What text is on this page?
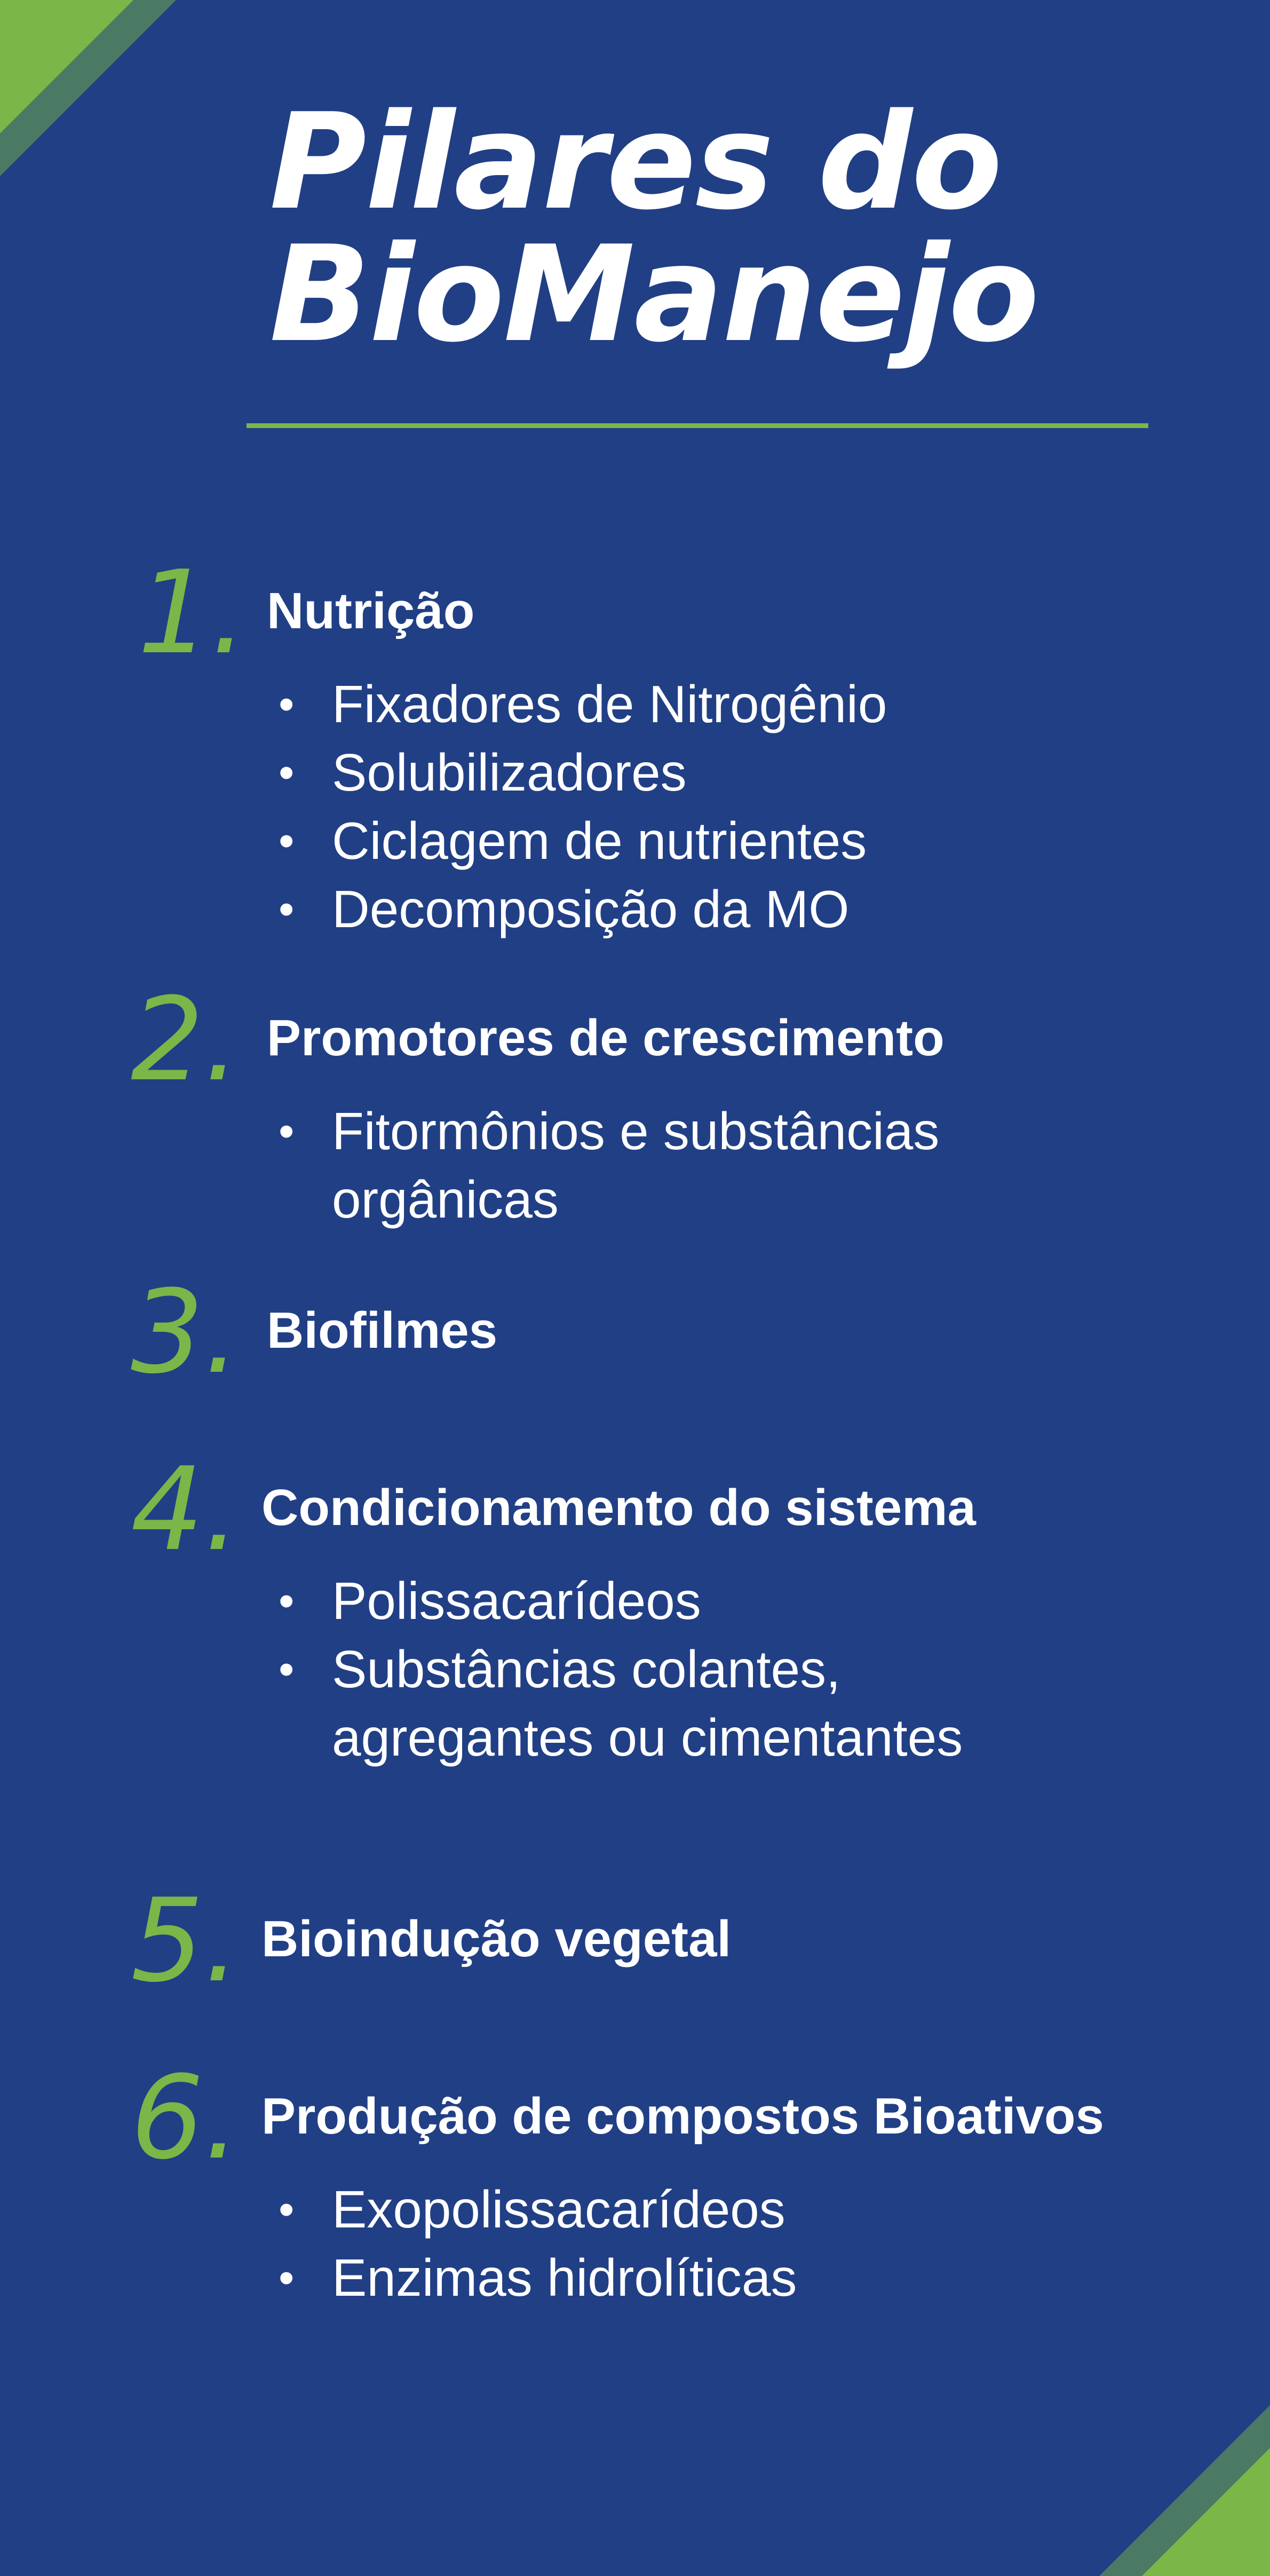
Pilares do
BioManejo
1. Nutrição
• Fixadores de Nitrogênio
• Solubilizadores
• Ciclagem de nutrientes
• Decomposição da MO
2. Promotores de crescimento
• Fitormônios e substâncias
orgânicas
3. Biofilmes
4. Condicionamento do sistema
• Polissacarídeos
• Substâncias colantes,
agregantes ou cimentantes
5. Bioindução vegetal
6. Produção de compostos Bioativos
• Exopolissacarídeos
• Enzimas hidrolíticas
